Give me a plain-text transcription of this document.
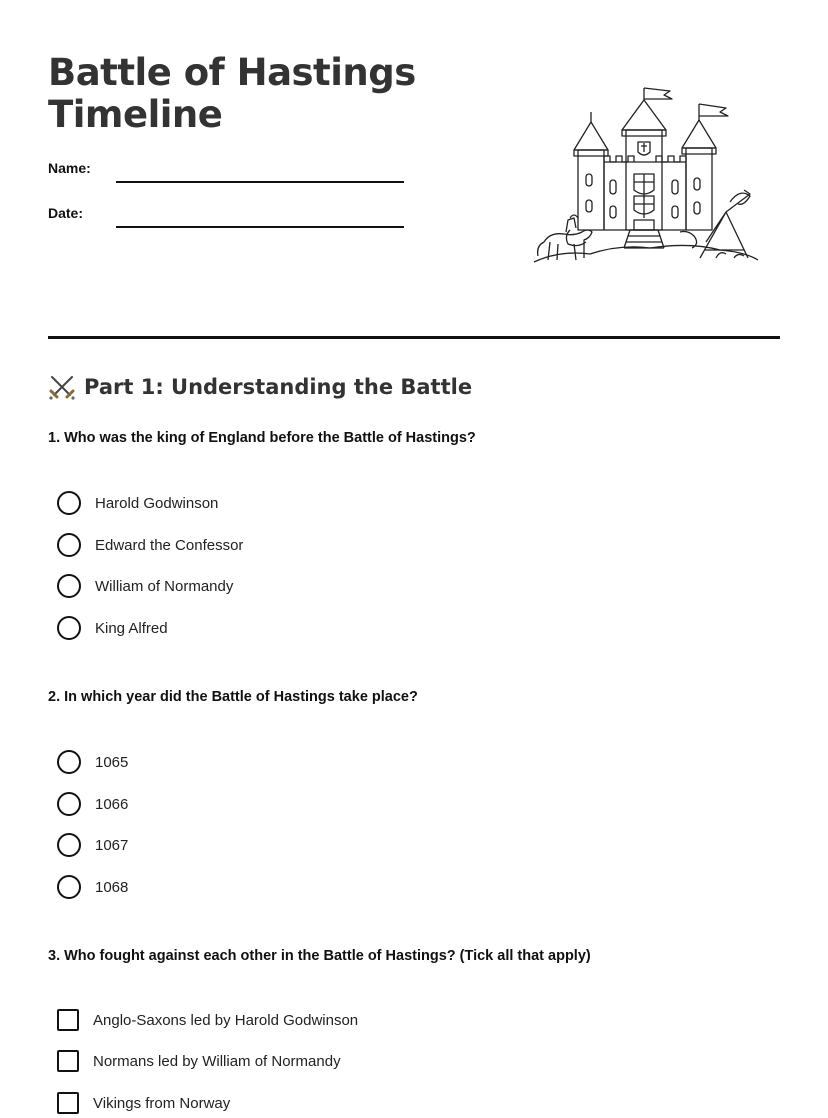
Battle of Hastings
Timeline
Name:
Date:
Part 1: Understanding the Battle

1. Who was the king of England before the Battle of Hastings?

Harold Godwinson
Edward the Confessor
William of Normandy
King Alfred

2. In which year did the Battle of Hastings take place?

1065
1066
1067
1068

3. Who fought against each other in the Battle of Hastings? (Tick all that apply)

Anglo-Saxons led by Harold Godwinson
Normans led by William of Normandy
Vikings from Norway
